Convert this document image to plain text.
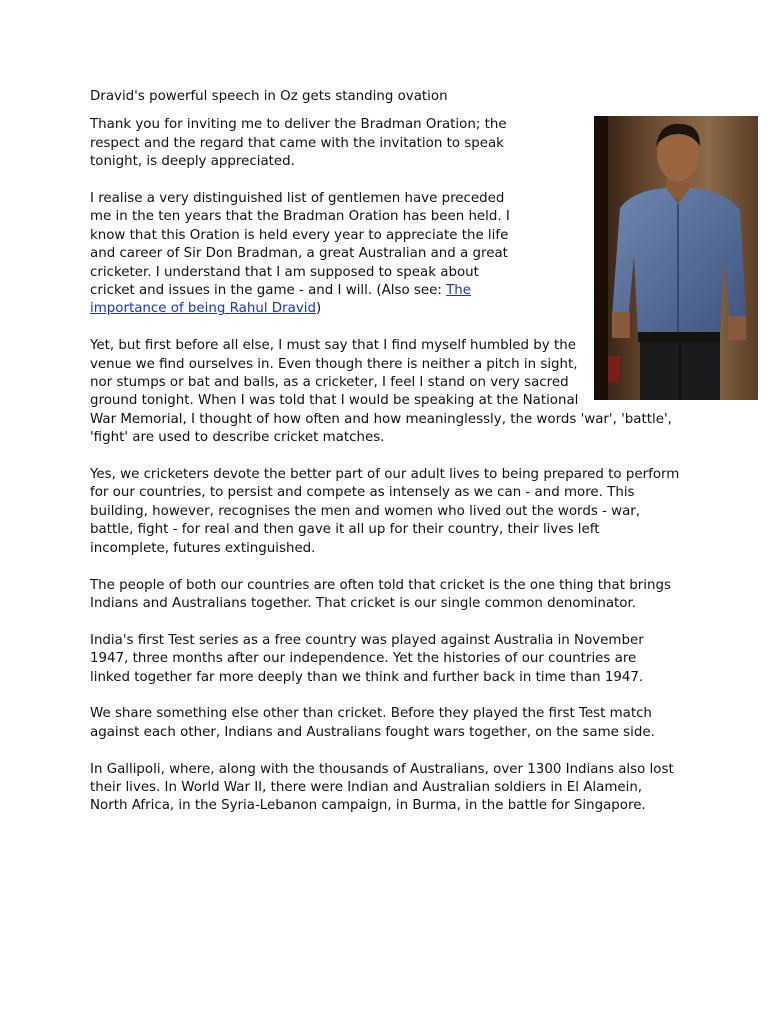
Dravid's powerful speech in Oz gets standing ovation

Thank you for inviting me to deliver the Bradman Oration; the respect and the regard that came with the invitation to speak tonight, is deeply appreciated.

I realise a very distinguished list of gentlemen have preceded me in the ten years that the Bradman Oration has been held. I know that this Oration is held every year to appreciate the life and career of Sir Don Bradman, a great Australian and a great cricketer. I understand that I am supposed to speak about cricket and issues in the game - and I will. (Also see: The importance of being Rahul Dravid)

Yet, but first before all else, I must say that I find myself humbled by the venue we find ourselves in. Even though there is neither a pitch in sight, nor stumps or bat and balls, as a cricketer, I feel I stand on very sacred ground tonight. When I was told that I would be speaking at the National War Memorial, I thought of how often and how meaninglessly, the words 'war', 'battle', 'fight' are used to describe cricket matches.

Yes, we cricketers devote the better part of our adult lives to being prepared to perform for our countries, to persist and compete as intensely as we can - and more. This building, however, recognises the men and women who lived out the words - war, battle, fight - for real and then gave it all up for their country, their lives left incomplete, futures extinguished.

The people of both our countries are often told that cricket is the one thing that brings Indians and Australians together. That cricket is our single common denominator.

India's first Test series as a free country was played against Australia in November 1947, three months after our independence. Yet the histories of our countries are linked together far more deeply than we think and further back in time than 1947.

We share something else other than cricket. Before they played the first Test match against each other, Indians and Australians fought wars together, on the same side.

In Gallipoli, where, along with the thousands of Australians, over 1300 Indians also lost their lives. In World War II, there were Indian and Australian soldiers in El Alamein, North Africa, in the Syria-Lebanon campaign, in Burma, in the battle for Singapore.
